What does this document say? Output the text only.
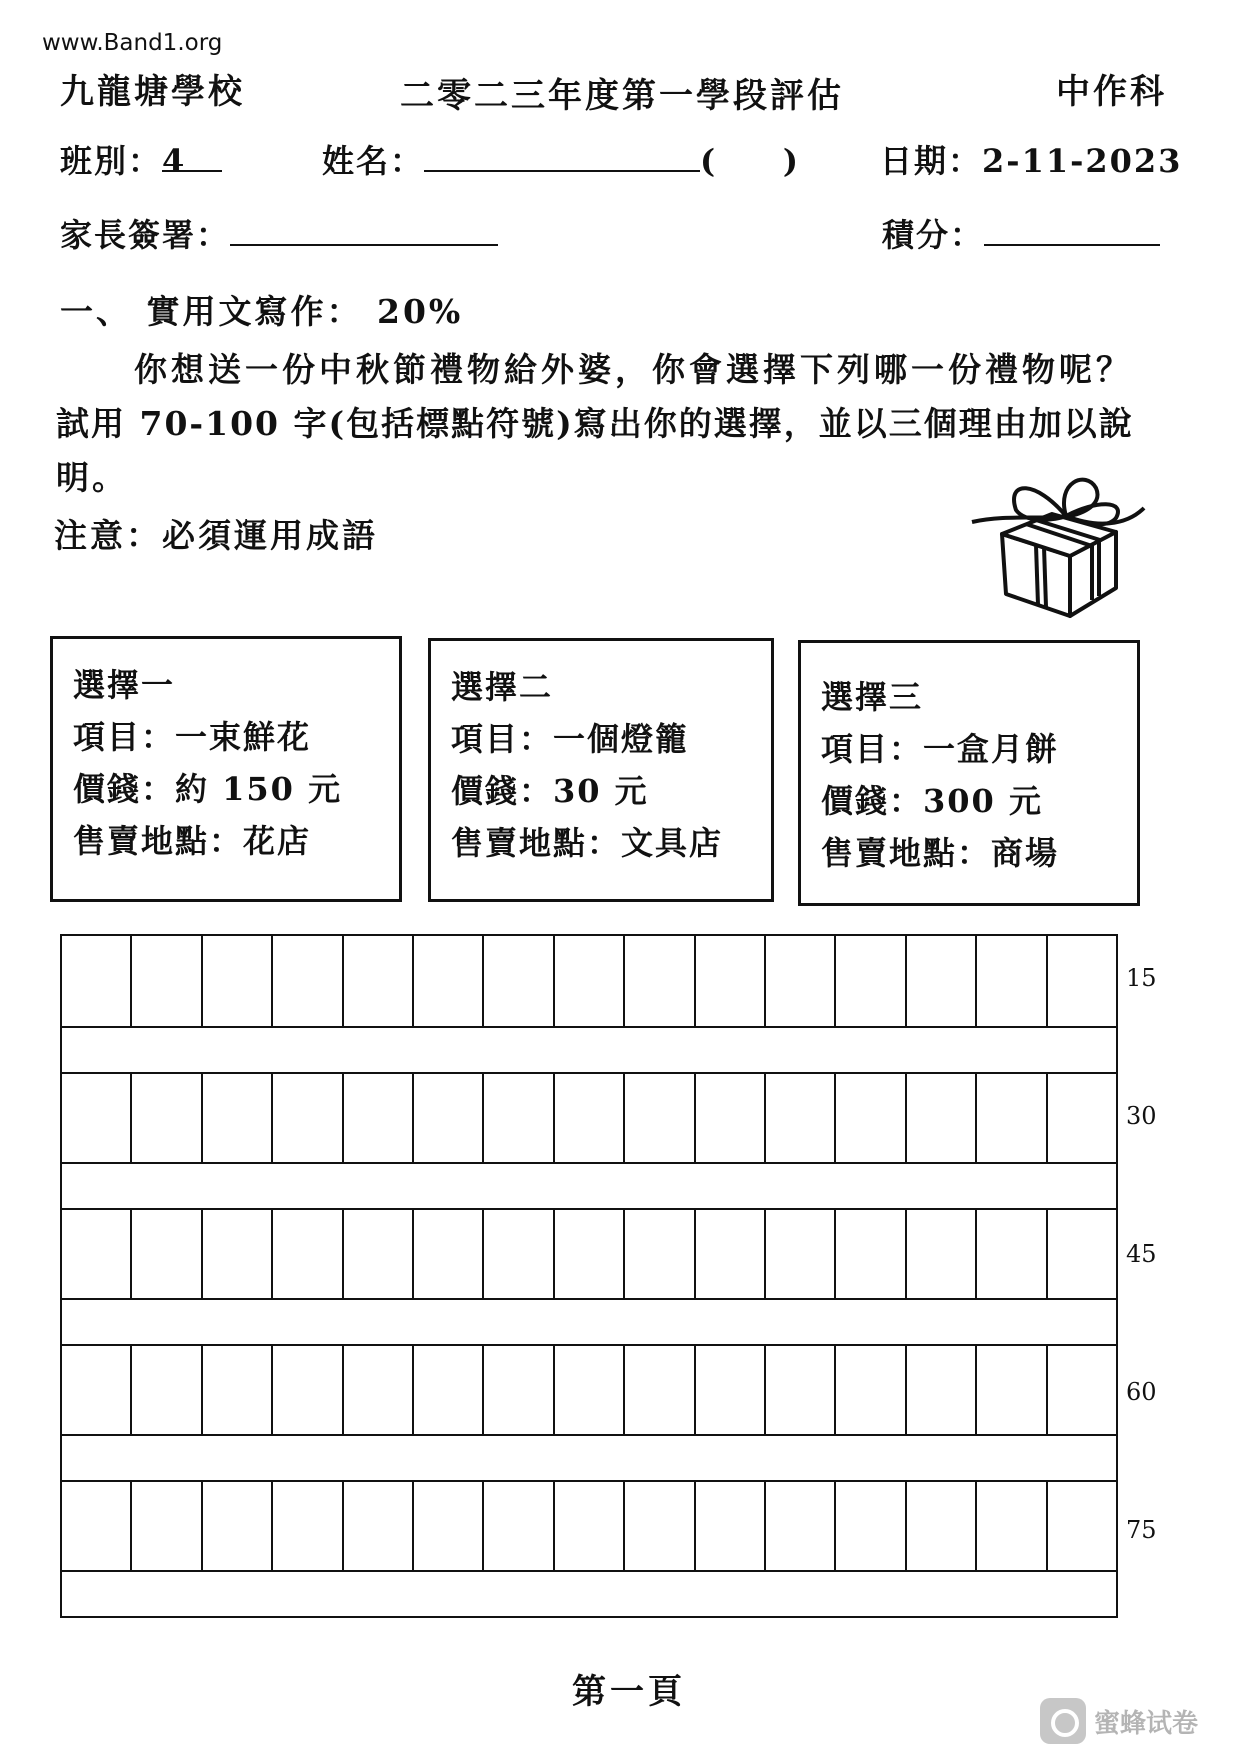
www.Band1.org
九龍塘學校	二零二三年度第一學段評估	中作科
班別：4	姓名：	(     )	日期：2-11-2023
家長簽署：	積分：
一、 實用文寫作： 20%
你想送一份中秋節禮物給外婆，你會選擇下列哪一份禮物呢？
試用 70-100 字(包括標點符號)寫出你的選擇，並以三個理由加以說
明。
注意：必須運用成語
選擇一
項目：一束鮮花
價錢：約 150 元
售賣地點：花店
選擇二
項目：一個燈籠
價錢：30 元
售賣地點：文具店
選擇三
項目：一盒月餅
價錢：300 元
售賣地點：商場
15
30
45
60
75
第一頁
蜜蜂试卷
